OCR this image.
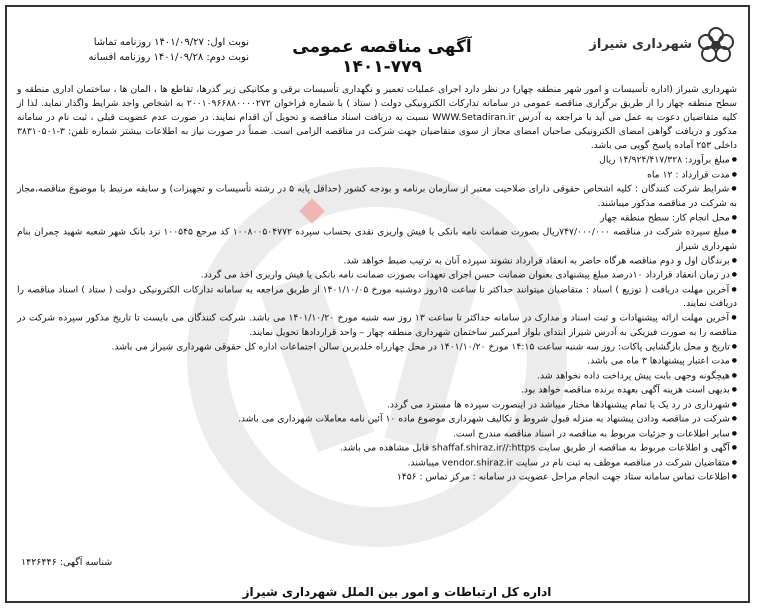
شهرداری شیراز
آگهی مناقصه عمومی ۷۷۹-۱۴۰۱
نوبت اول: ۱۴۰۱/۰۹/۲۷ روزنامه تماشا
نوبت دوم: ۱۴۰۱/۰۹/۲۸ روزنامه افسانه

شهرداری شیراز (اداره تأسیسات و امور شهر منطقه چهار) در نظر دارد اجرای عملیات تعمیر و نگهداری تأسیسات برقی و مکانیکی زیر گذرها، تقاطع ها ، المان ها ، ساختمان اداری منطقه و سطح منطقه چهار را از طریق برگزاری مناقصه عمومی در سامانه تدارکات الکترونیکی دولت ( ستاد ) با شماره فراخوان ۲۰۰۱۰۹۶۶۸۸۰۰۰۰۲۷۲ به اشخاص واجد شرایط واگذار نماید. لذا از کلیه متقاضیان دعوت به عمل می آید با مراجعه به آدرس WWW.Setadiran.ir نسبت به دریافت اسناد مناقصه و تحویل آن اقدام نمایند. در صورت عدم عضویت قبلی ، ثبت نام در سامانه مذکور و دریافت گواهی امضای الکترونیکی صاحبان امضای مجاز از سوی متقاضیان جهت شرکت در مناقصه الزامی است. ضمناً در صورت نیاز به اطلاعات بیشتر شماره تلفن: ۳-۳۸۳۱۰۵۰۱ داخلی ۲۵۳ آماده پاسخ گویی می باشد.

● مبلغ برآورد: ۱۴/۹۲۴/۴۱۷/۳۲۸ ریال
● مدت قرارداد : ۱۲ ماه
● شرایط شرکت کنندگان : کلیه اشخاص حقوقی دارای صلاحیت معتبر از سازمان برنامه و بودجه کشور (حداقل پایه ۵ در رشته تأسیسات و تجهیزات) و سابقه مرتبط با موضوع مناقصه،مجاز به شرکت در مناقصه مذکور میباشند.
● محل انجام کار: سطح منطقه چهار
● مبلغ سپرده شرکت در مناقصه ۷۴۷/۰۰۰/۰۰۰ریال بصورت ضمانت نامه بانکی یا فیش واریزی نقدی بحساب سپرده ۱۰۰۸۰۰۵۰۴۷۷۲ کد مرجع ۱۰۰۵۴۵ نزد بانک شهر شعبه شهید چمران بنام شهرداری شیراز
● برندگان اول و دوم مناقصه هرگاه حاضر به انعقاد قرارداد نشوند سپرده آنان به ترتیب ضبط خواهد شد.
● در زمان انعقاد قرارداد ۱۰درصد مبلغ پیشنهادی بعنوان ضمانت حسن اجرای تعهدات بصورت ضمانت نامه بانکی یا فیش واریزی اخذ می گردد.
● آخرین مهلت دریافت ( توزیع ) اسناد : متقاضیان میتوانند حداکثر تا ساعت ۱۵روز دوشنبه مورخ ۱۴۰۱/۱۰/۰۵ از طریق مراجعه به سامانه تدارکات الکترونیکی دولت ( ستاد ) اسناد مناقصه را دریافت نمایند.
● آخرین مهلت ارائه پیشنهادات و ثبت اسناد و مدارک در سامانه حداکثر تا ساعت ۱۳ روز سه شنبه مورخ ۱۴۰۱/۱۰/۲۰ می باشد. شرکت کنندگان می بایست تا تاریخ مذکور سپرده شرکت در مناقصه را به صورت فیزیکی به آدرس شیراز ابتدای بلوار امیرکبیر ساختمان شهرداری منطقه چهار – واحد قراردادها تحویل نمایند.
● تاریخ و محل بازگشایی پاکات: روز سه شنبه ساعت ۱۴:۱۵ مورخ ۱۴۰۱/۱۰/۲۰ در محل چهارراه خلدبرین سالن اجتماعات اداره کل حقوقی شهرداری شیراز می باشد.
● مدت اعتبار پیشنهادها ۳ ماه می باشد.
● هیچگونه وجهی بابت پیش پرداخت داده نخواهد شد.
● بدیهی است هزینه آگهی بعهده برنده مناقصه خواهد بود.
● شهرداری در رد یک یا تمام پیشنهادها مختار میباشد در اینصورت سپرده ها مسترد می گردد.
● شرکت در مناقصه ودادن پیشنهاد به منزله قبول شروط و تکالیف شهرداری موضوع ماده ۱۰ آئین نامه معاملات شهرداری می باشد.
● سایر اطلاعات و جزئیات مربوط به مناقصه در اسناد مناقصه مندرج است.
● آگهی و اطلاعات مربوط به مناقصه از طریق سایت shaffaf.shiraz.ir//:https قابل مشاهده می باشد.
● متقاضیان شرکت در مناقصه موظف به ثبت نام در سایت vendor.shiraz.ir میباشند.
● اطلاعات تماس سامانه ستاد جهت انجام مراحل عضویت در سامانه : مرکز تماس : ۱۴۵۶
شناسه آگهی: ۱۴۲۶۴۴۶
اداره کل ارتباطات و امور بین الملل شهرداری شیراز
